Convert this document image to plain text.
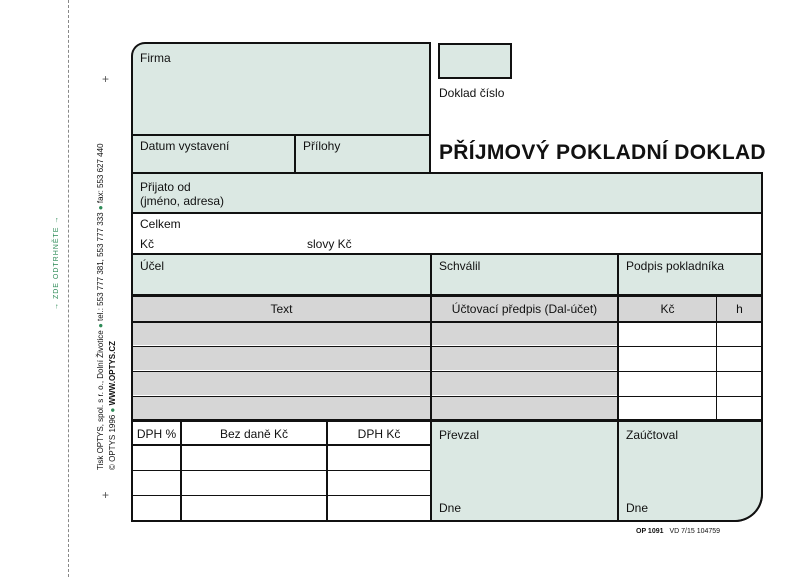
+
+
→ ZDE ODTRHNĚTE →
Tisk OPTYS, spol. s r. o., Dolní Životice ● tel.: 553 777 381, 553 777 333 ● fax: 553 627 440
© OPTYS 1996 ● WWW.OPTYS.CZ
Firma
Datum vystavení	Přílohy
Doklad číslo
PŘÍJMOVÝ POKLADNÍ DOKLAD
Přijato od
(jméno, adresa)
Celkem
Kč	slovy Kč
Účel	Schválil	Podpis pokladníka
Text	Účtovací předpis (Dal-účet)	Kč	h
DPH %	Bez daně Kč	DPH Kč	Převzal
Dne
Zaúčtoval
Dne
OP 1091 VD 7/15 104759
